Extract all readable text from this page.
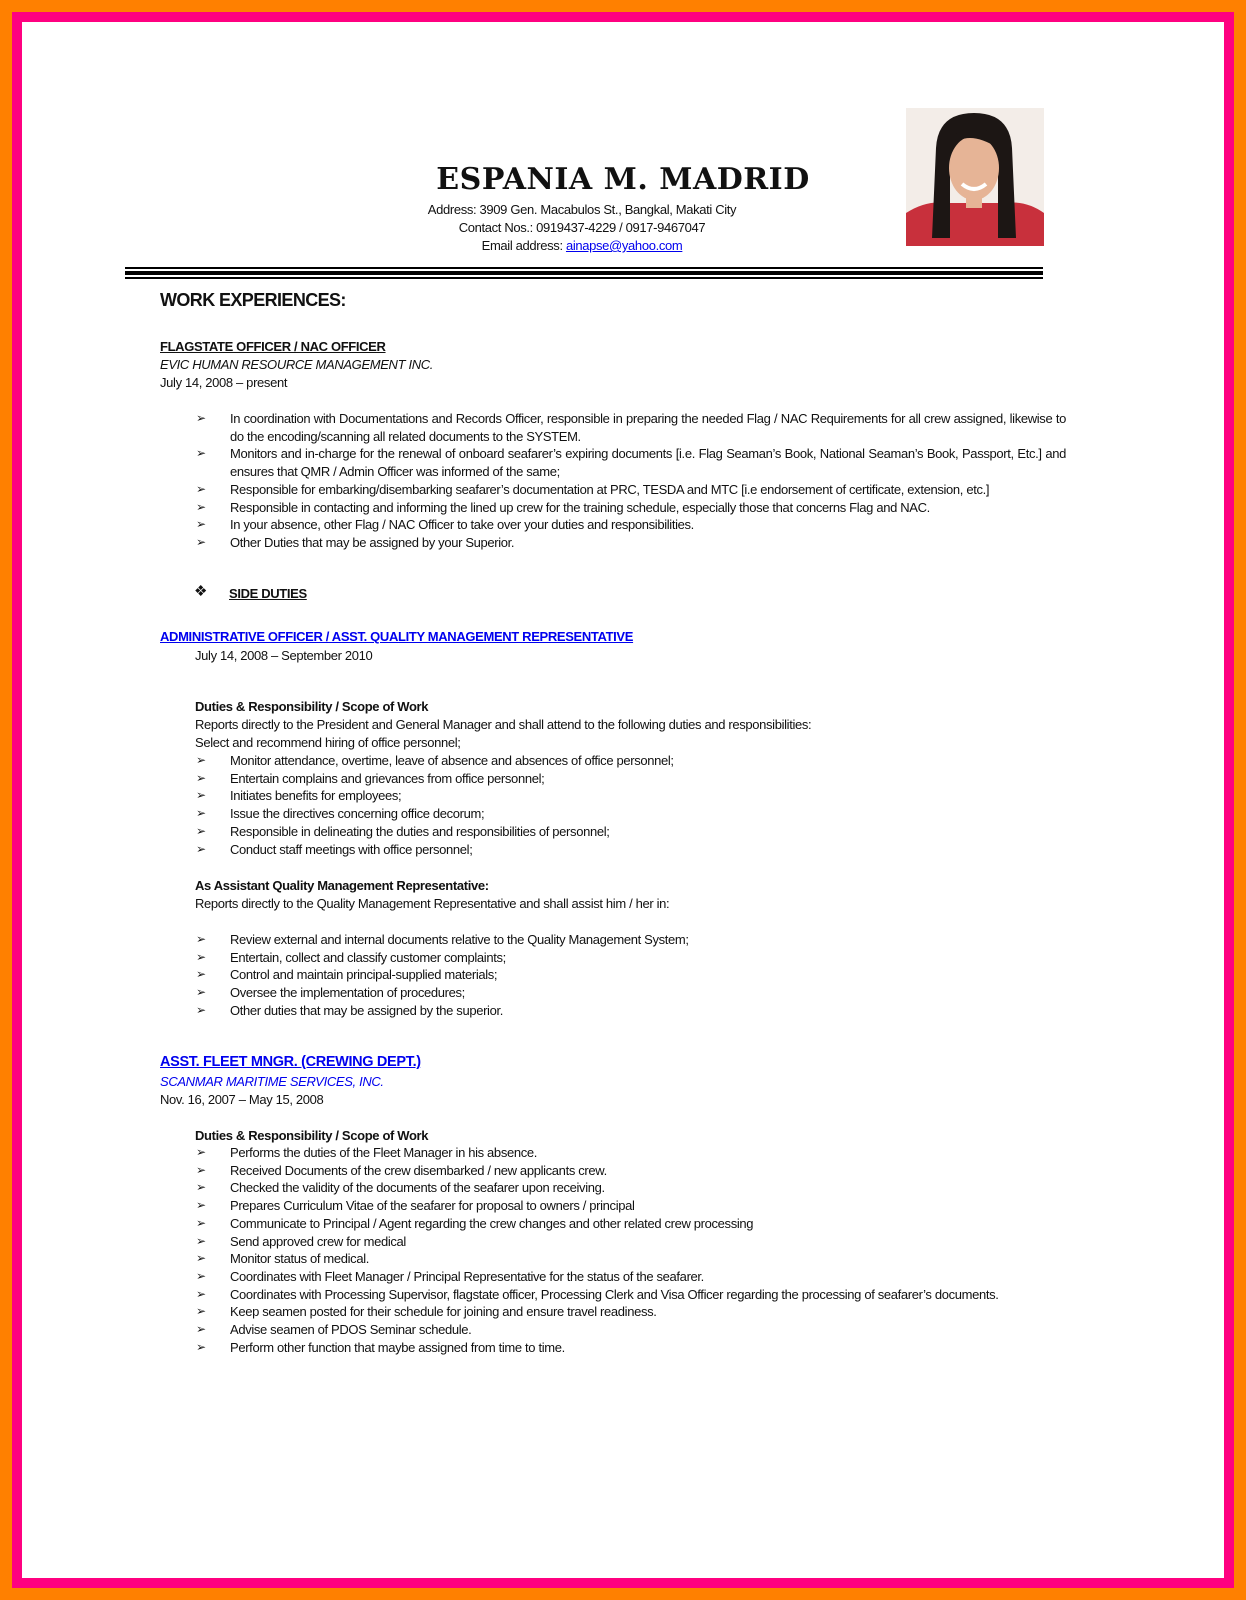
ESPANIA M. MADRID
Address: 3909 Gen. Macabulos St., Bangkal, Makati City
Contact Nos.: 0919437-4229 / 0917-9467047
Email address: ainapse@yahoo.com
WORK EXPERIENCES:
FLAGSTATE OFFICER / NAC OFFICER
EVIC HUMAN RESOURCE MANAGEMENT INC.
July 14, 2008 – present
➢ In coordination with Documentations and Records Officer, responsible in preparing the needed Flag / NAC Requirements for all crew assigned, likewise to do the encoding/scanning all related documents to the SYSTEM.
➢ Monitors and in-charge for the renewal of onboard seafarer’s expiring documents [i.e. Flag Seaman’s Book, National Seaman’s Book, Passport, Etc.] and ensures that QMR / Admin Officer was informed of the same;
➢ Responsible for embarking/disembarking seafarer’s documentation at PRC, TESDA and MTC [i.e endorsement of certificate, extension, etc.]
➢ Responsible in contacting and informing the lined up crew for the training schedule, especially those that concerns Flag and NAC.
➢ In your absence, other Flag / NAC Officer to take over your duties and responsibilities.
➢ Other Duties that may be assigned by your Superior.
❖ SIDE DUTIES
ADMINISTRATIVE OFFICER / ASST. QUALITY MANAGEMENT REPRESENTATIVE
July 14, 2008 – September 2010
Duties & Responsibility / Scope of Work
Reports directly to the President and General Manager and shall attend to the following duties and responsibilities:
Select and recommend hiring of office personnel;
➢ Monitor attendance, overtime, leave of absence and absences of office personnel;
➢ Entertain complains and grievances from office personnel;
➢ Initiates benefits for employees;
➢ Issue the directives concerning office decorum;
➢ Responsible in delineating the duties and responsibilities of personnel;
➢ Conduct staff meetings with office personnel;
As Assistant Quality Management Representative:
Reports directly to the Quality Management Representative and shall assist him / her in:
➢ Review external and internal documents relative to the Quality Management System;
➢ Entertain, collect and classify customer complaints;
➢ Control and maintain principal-supplied materials;
➢ Oversee the implementation of procedures;
➢ Other duties that may be assigned by the superior.
ASST. FLEET MNGR. (CREWING DEPT.)
SCANMAR MARITIME SERVICES, INC.
Nov. 16, 2007 – May 15, 2008
Duties & Responsibility / Scope of Work
➢ Performs the duties of the Fleet Manager in his absence.
➢ Received Documents of the crew disembarked / new applicants crew.
➢ Checked the validity of the documents of the seafarer upon receiving.
➢ Prepares Curriculum Vitae of the seafarer for proposal to owners / principal
➢ Communicate to Principal / Agent regarding the crew changes and other related crew processing
➢ Send approved crew for medical
➢ Monitor status of medical.
➢ Coordinates with Fleet Manager / Principal Representative for the status of the seafarer.
➢ Coordinates with Processing Supervisor, flagstate officer, Processing Clerk and Visa Officer regarding the processing of seafarer’s documents.
➢ Keep seamen posted for their schedule for joining and ensure travel readiness.
➢ Advise seamen of PDOS Seminar schedule.
➢ Perform other function that maybe assigned from time to time.
